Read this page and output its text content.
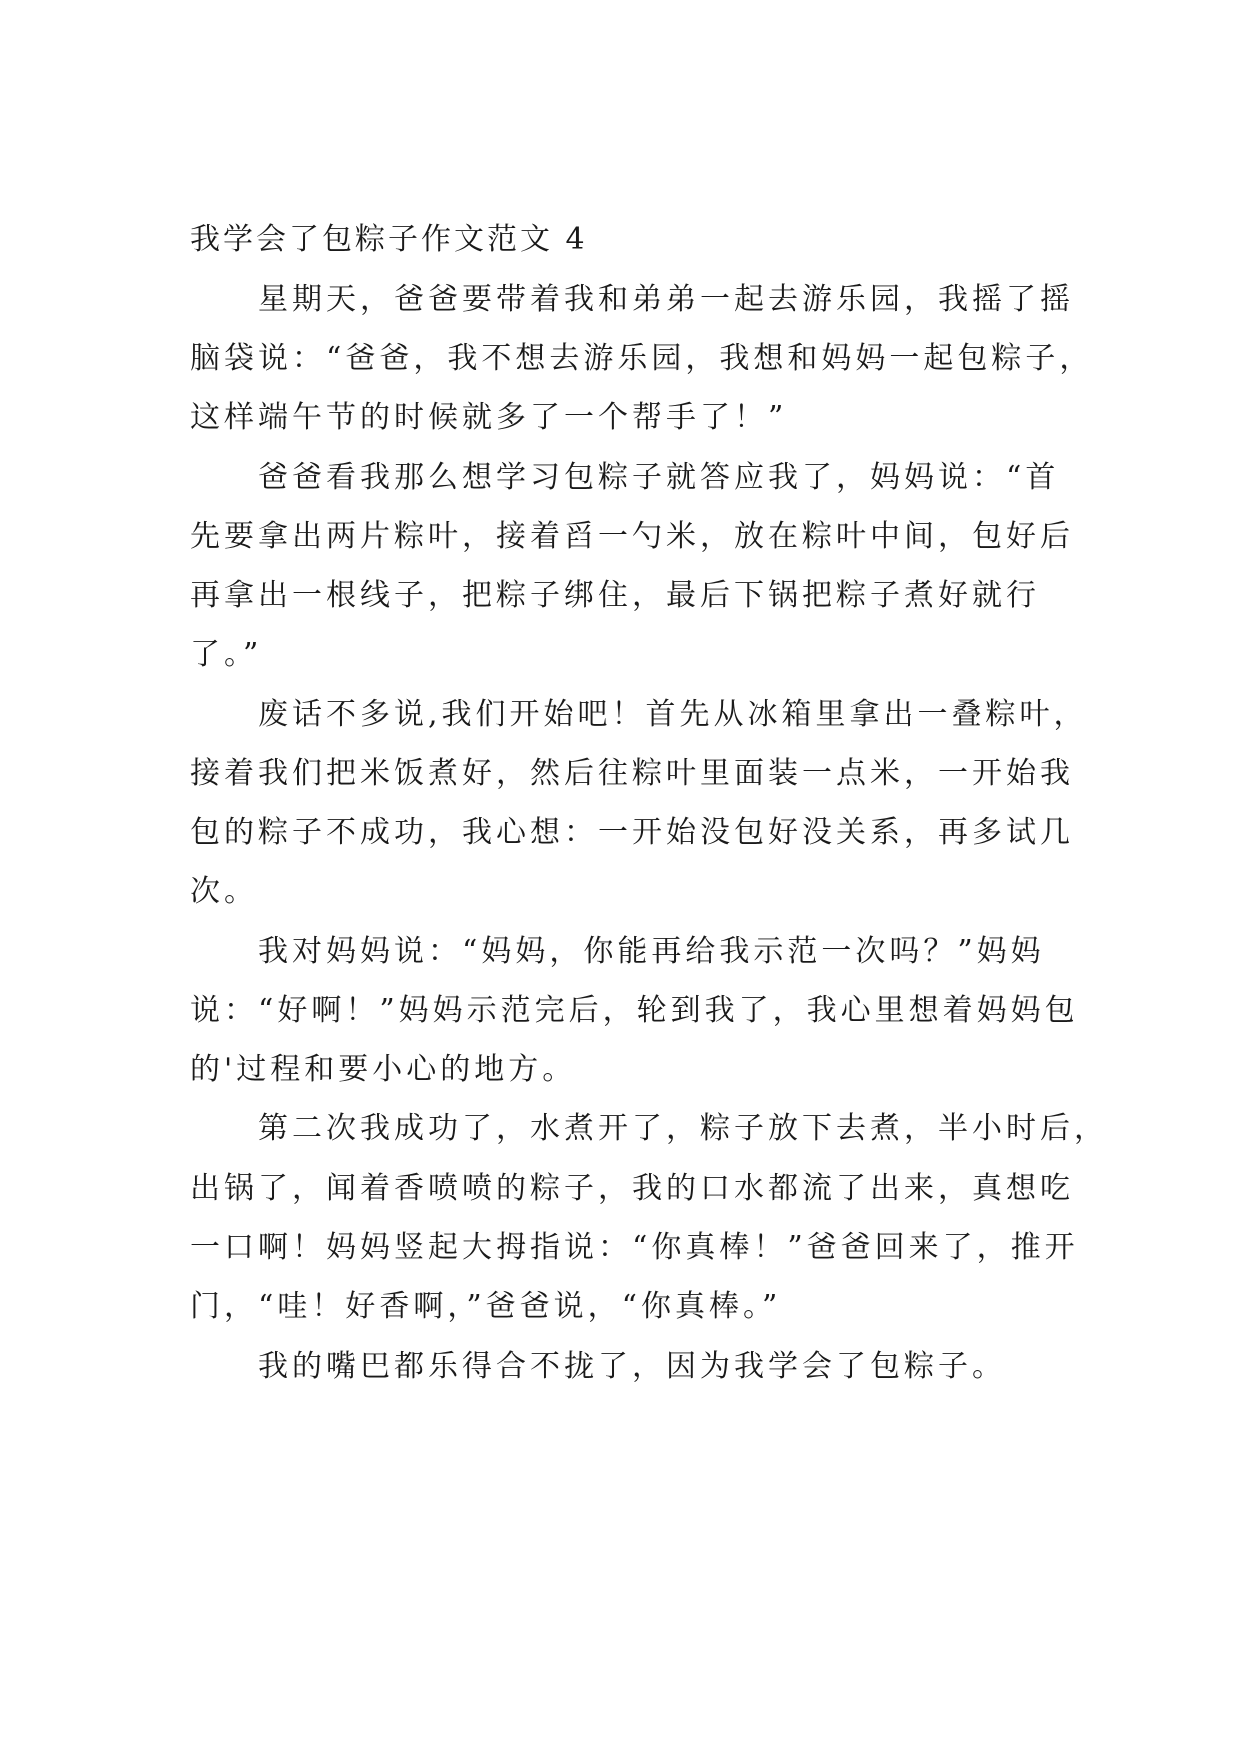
我学会了包粽子作文范文 4

　　星期天，爸爸要带着我和弟弟一起去游乐园，我摇了摇

脑袋说：“爸爸，我不想去游乐园，我想和妈妈一起包粽子，

这样端午节的时候就多了一个帮手了！”

　　爸爸看我那么想学习包粽子就答应我了，妈妈说：“首

先要拿出两片粽叶，接着舀一勺米，放在粽叶中间，包好后

再拿出一根线子，把粽子绑住，最后下锅把粽子煮好就行

了。”

　　废话不多说,我们开始吧！首先从冰箱里拿出一叠粽叶，

接着我们把米饭煮好，然后往粽叶里面装一点米，一开始我

包的粽子不成功，我心想：一开始没包好没关系，再多试几

次。

　　我对妈妈说：“妈妈，你能再给我示范一次吗？”妈妈

说：“好啊！”妈妈示范完后，轮到我了，我心里想着妈妈包

的'过程和要小心的地方。

　　第二次我成功了，水煮开了，粽子放下去煮，半小时后，

出锅了，闻着香喷喷的粽子，我的口水都流了出来，真想吃

一口啊！妈妈竖起大拇指说：“你真棒！”爸爸回来了，推开

门，“哇！好香啊，”爸爸说，“你真棒。”

　　我的嘴巴都乐得合不拢了，因为我学会了包粽子。
